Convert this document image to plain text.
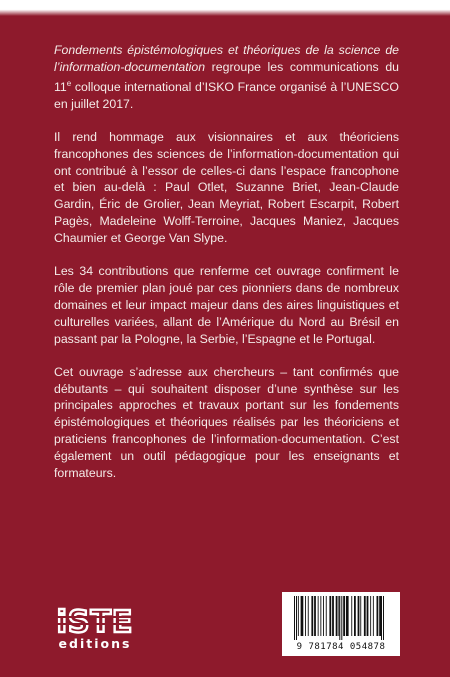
Fondements épistémologiques et théoriques de la science de l’information-documentation regroupe les communications du 11e colloque international d’ISKO France organisé à l’UNESCO en juillet 2017.

Il rend hommage aux visionnaires et aux théoriciens francophones des sciences de l’information-documentation qui ont contribué à l’essor de celles-ci dans l’espace francophone et bien au-delà : Paul Otlet, Suzanne Briet, Jean-Claude Gardin, Éric de Grolier, Jean Meyriat, Robert Escarpit, Robert Pagès, Madeleine Wolff-Terroine, Jacques Maniez, Jacques Chaumier et George Van Slype.

Les 34 contributions que renferme cet ouvrage confirment le rôle de premier plan joué par ces pionniers dans de nombreux domaines et leur impact majeur dans des aires linguistiques et culturelles variées, allant de l’Amérique du Nord au Brésil en passant par la Pologne, la Serbie, l’Espagne et le Portugal.

Cet ouvrage s’adresse aux chercheurs – tant confirmés que débutants – qui souhaitent disposer d’une synthèse sur les principales approches et travaux portant sur les fondements épistémologiques et théoriques réalisés par les théoriciens et praticiens francophones de l’information-documentation. C’est également un outil pédagogique pour les enseignants et formateurs.

iSTE
editions	9 781784 054878
